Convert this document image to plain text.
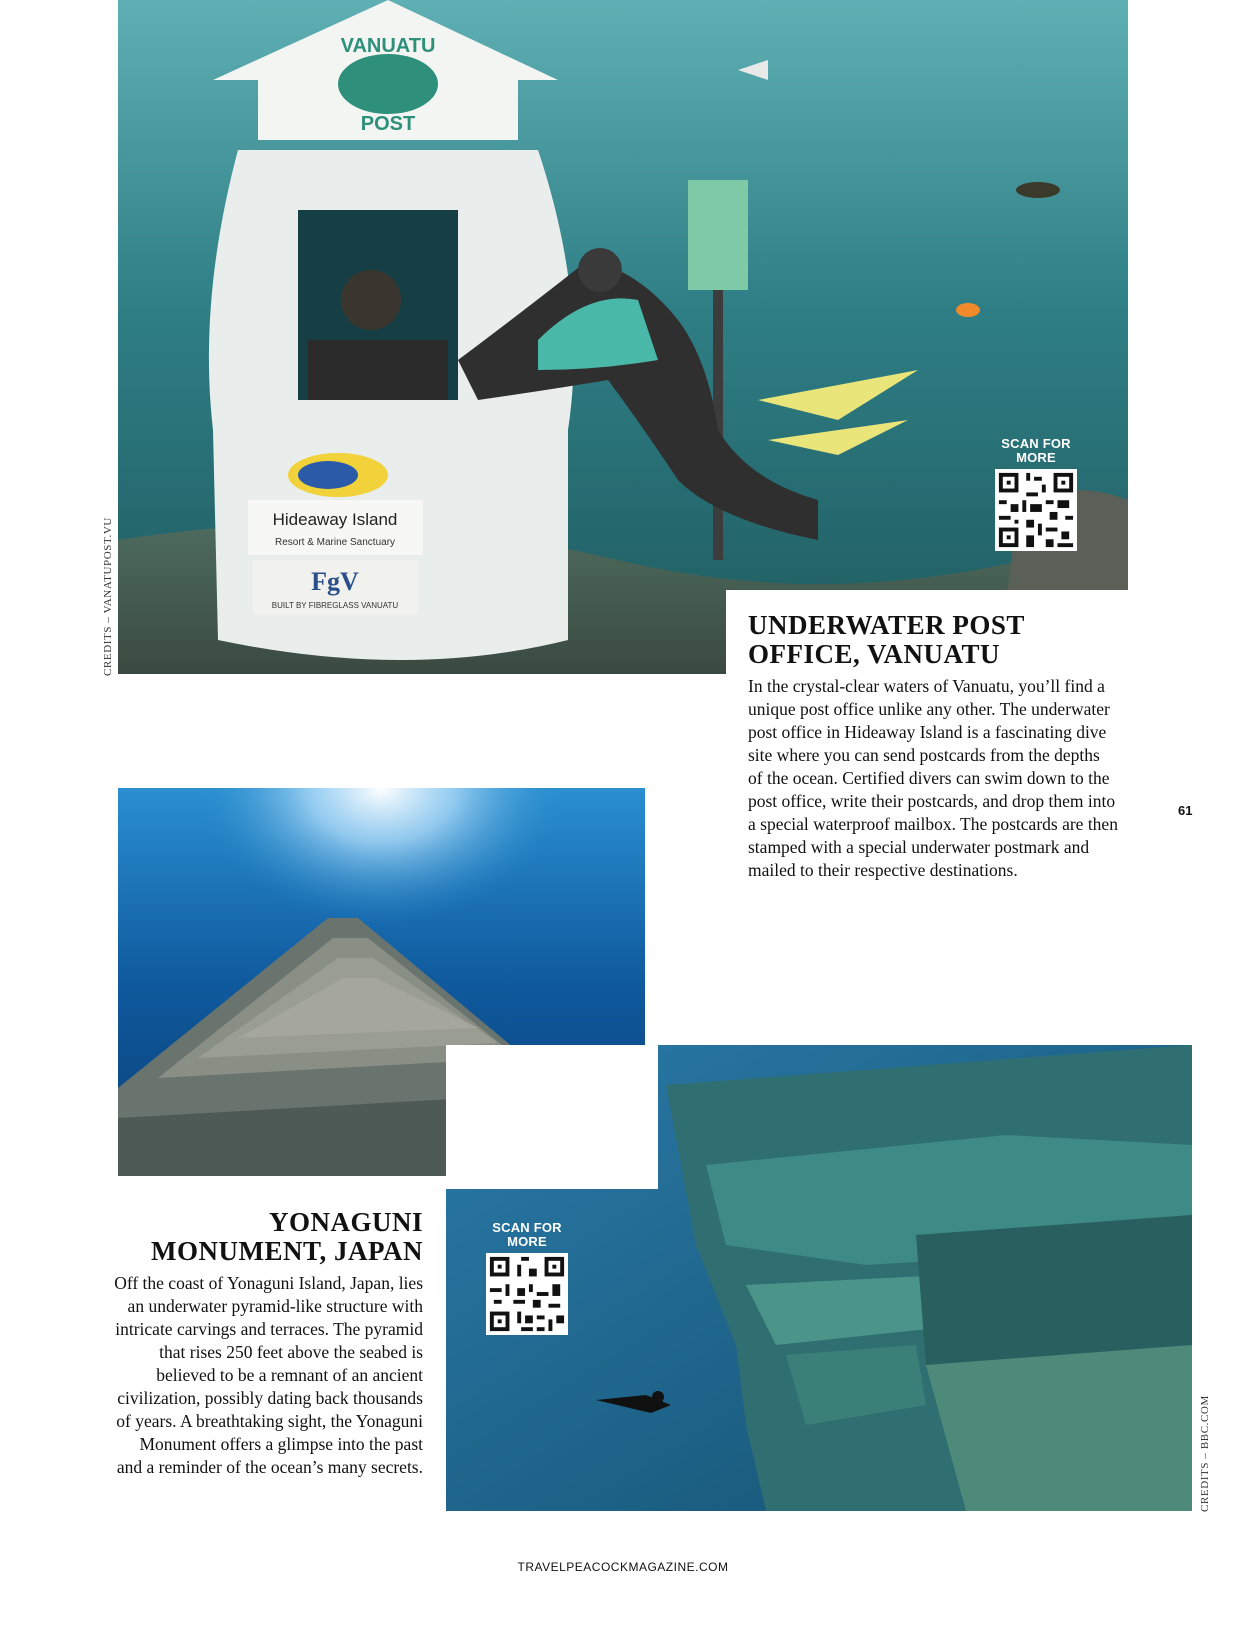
VANUATU
POST
Hideaway Island
Resort & Marine Sanctuary
FgV
BUILT BY FIBREGLASS VANUATU
SCAN FOR
MORE
CREDITS – VANATUPOST.VU	UNDERWATER POST
OFFICE, VANUATU

In the crystal-clear waters of Vanuatu, you’ll find a unique post office unlike any other. The underwater post office in Hideaway Island is a fascinating dive site where you can send postcards from the depths of the ocean. Certified divers can swim down to the post office, write their postcards, and drop them into a special waterproof mailbox. The postcards are then stamped with a special underwater postmark and mailed to their respective destinations.

61
SCAN FOR
MORE
CREDITS – BBC.COM
YONAGUNI
MONUMENT, JAPAN

Off the coast of Yonaguni Island, Japan, lies an underwater pyramid-like structure with intricate carvings and terraces. The pyramid that rises 250 feet above the seabed is believed to be a remnant of an ancient civilization, possibly dating back thousands of years. A breathtaking sight, the Yonaguni Monument offers a glimpse into the past and a reminder of the ocean’s many secrets.

TRAVELPEACOCKMAGAZINE.COM
